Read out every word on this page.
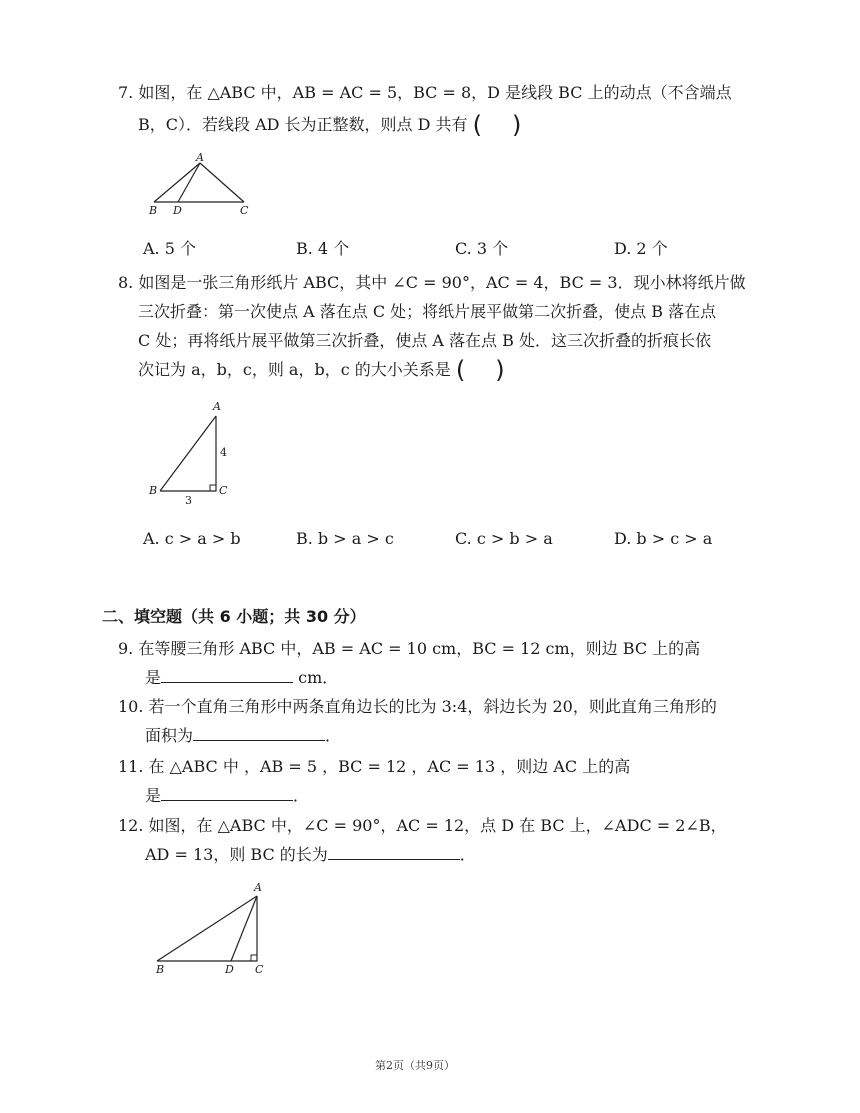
7. 如图，在 △ABC 中，AB = AC = 5，BC = 8，D 是线段 BC 上的动点（不含端点
B，C）．若线段 AD 长为正整数，则点 D 共有 ( )
A
B D	C
A. 5 个	B. 4 个	C. 3 个	D. 2 个
8. 如图是一张三角形纸片 ABC，其中 ∠C = 90°，AC = 4，BC = 3．现小林将纸片做
三次折叠：第一次使点 A 落在点 C 处；将纸片展平做第二次折叠，使点 B 落在点
C 处；再将纸片展平做第三次折叠，使点 A 落在点 B 处．这三次折叠的折痕长依
次记为 a，b，c，则 a，b，c 的大小关系是 ( )
A
B	C
4
3
A. c > a > b	B. b > a > c	C. c > b > a	D. b > c > a
二、填空题（共 6 小题；共 30 分）
9. 在等腰三角形 ABC 中，AB = AC = 10 cm，BC = 12 cm，则边 BC 上的高
是	cm．
10. 若一个直角三角形中两条直角边长的比为 3:4，斜边长为 20，则此直角三角形的
面积为	．
11. 在 △ABC 中 ，AB = 5 ，BC = 12 ，AC = 13 ，则边 AC 上的高
是	．
12. 如图，在 △ABC 中，∠C = 90°，AC = 12，点 D 在 BC 上，∠ADC = 2∠B，
AD = 13，则 BC 的长为	．
A
B	D C
第2页（共9页）
